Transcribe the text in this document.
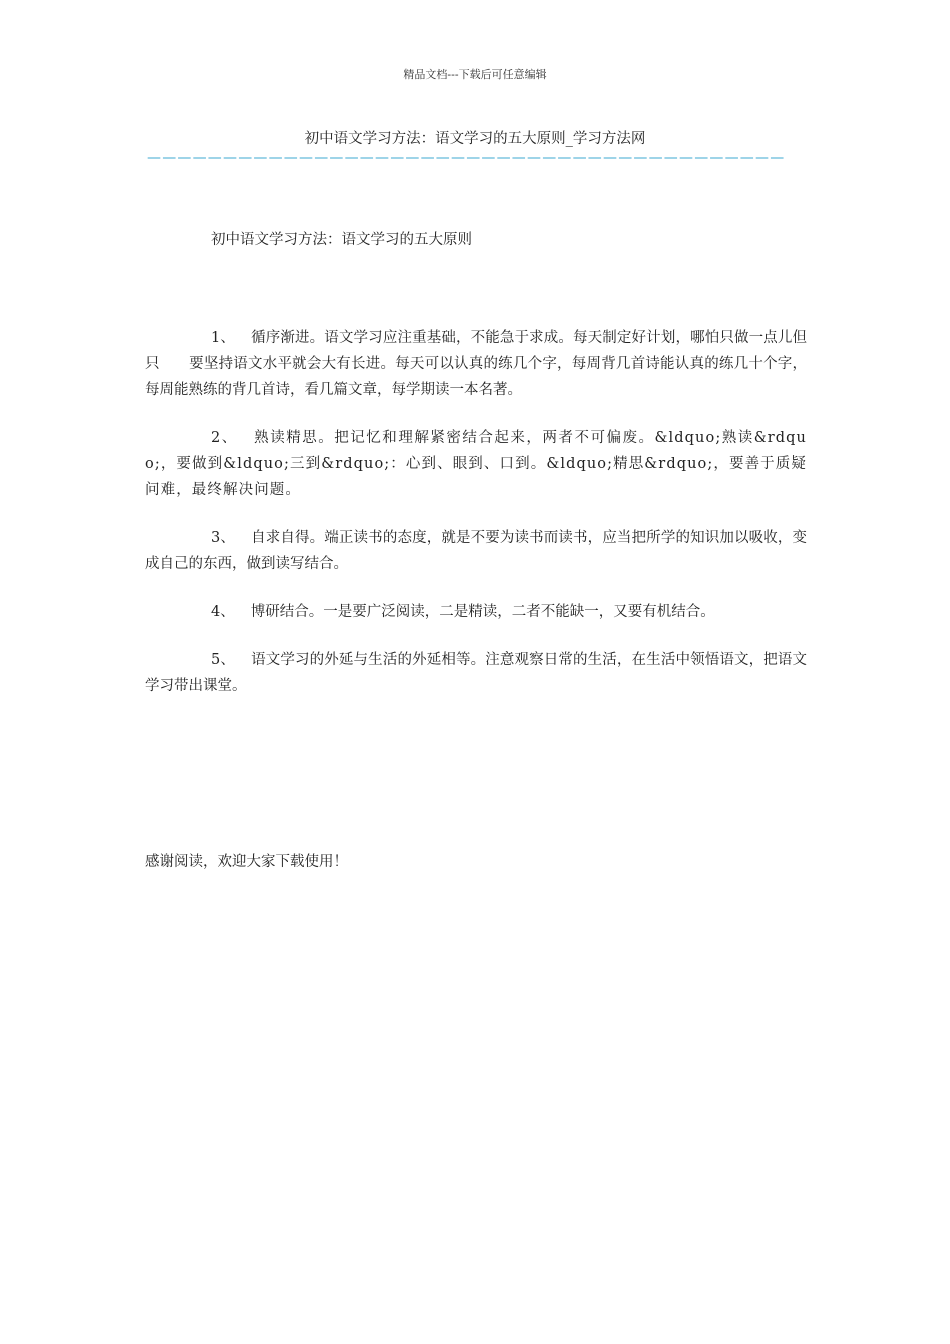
精品文档---下载后可任意编辑
初中语文学习方法：语文学习的五大原则_学习方法网
——————————————————————————————————————————
初中语文学习方法：语文学习的五大原则

1、 循序渐进。语文学习应注重基础，不能急于求成。每天制定好计划，哪怕只做一点儿但只　　要坚持语文水平就会大有长进。每天可以认真的练几个字，每周背几首诗能认真的练几十个字，每周能熟练的背几首诗，看几篇文章，每学期读一本名著。

2、 熟读精思。把记忆和理解紧密结合起来，两者不可偏废。&ldquo;熟读&rdquo;，要做到&ldquo;三到&rdquo;：心到、眼到、口到。&ldquo;精思&rdquo;，要善于质疑问难，最终解决问题。

3、 自求自得。端正读书的态度，就是不要为读书而读书，应当把所学的知识加以吸收，变成自己的东西，做到读写结合。

4、 博研结合。一是要广泛阅读，二是精读，二者不能缺一，又要有机结合。

5、 语文学习的外延与生活的外延相等。注意观察日常的生活，在生活中领悟语文，把语文学习带出课堂。

感谢阅读，欢迎大家下载使用！
